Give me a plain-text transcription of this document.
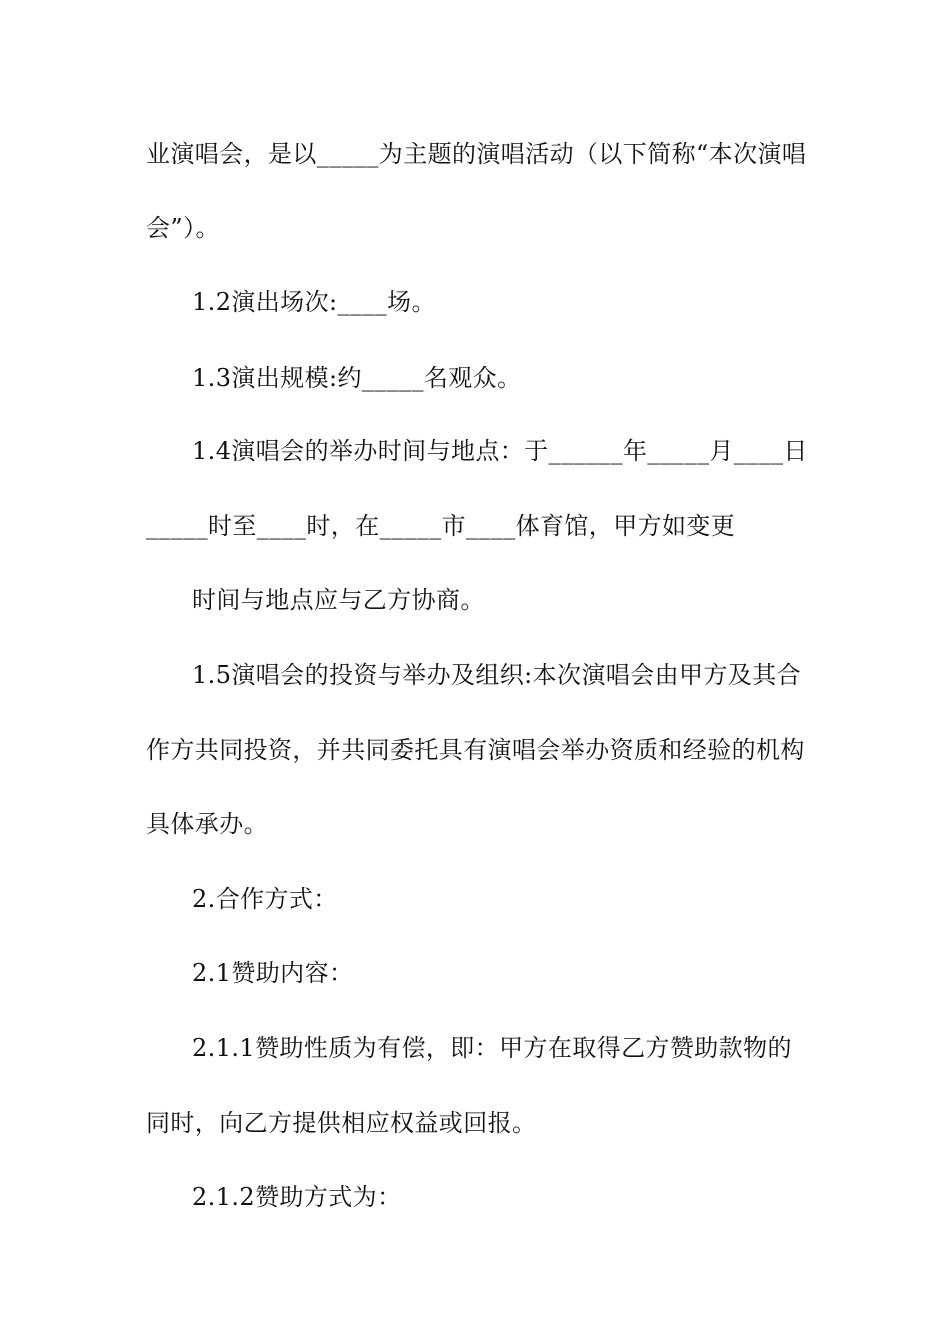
业演唱会，是以_____为主题的演唱活动（以下简称“本次演唱
会”）。
1.2演出场次:____场。
1.3演出规模:约_____名观众。
1.4演唱会的举办时间与地点：于______年_____月____日
_____时至____时，在_____市____体育馆，甲方如变更
时间与地点应与乙方协商。
1.5演唱会的投资与举办及组织:本次演唱会由甲方及其合
作方共同投资，并共同委托具有演唱会举办资质和经验的机构
具体承办。
2.合作方式：
2.1赞助内容：
2.1.1赞助性质为有偿，即：甲方在取得乙方赞助款物的
同时，向乙方提供相应权益或回报。
2.1.2赞助方式为：
